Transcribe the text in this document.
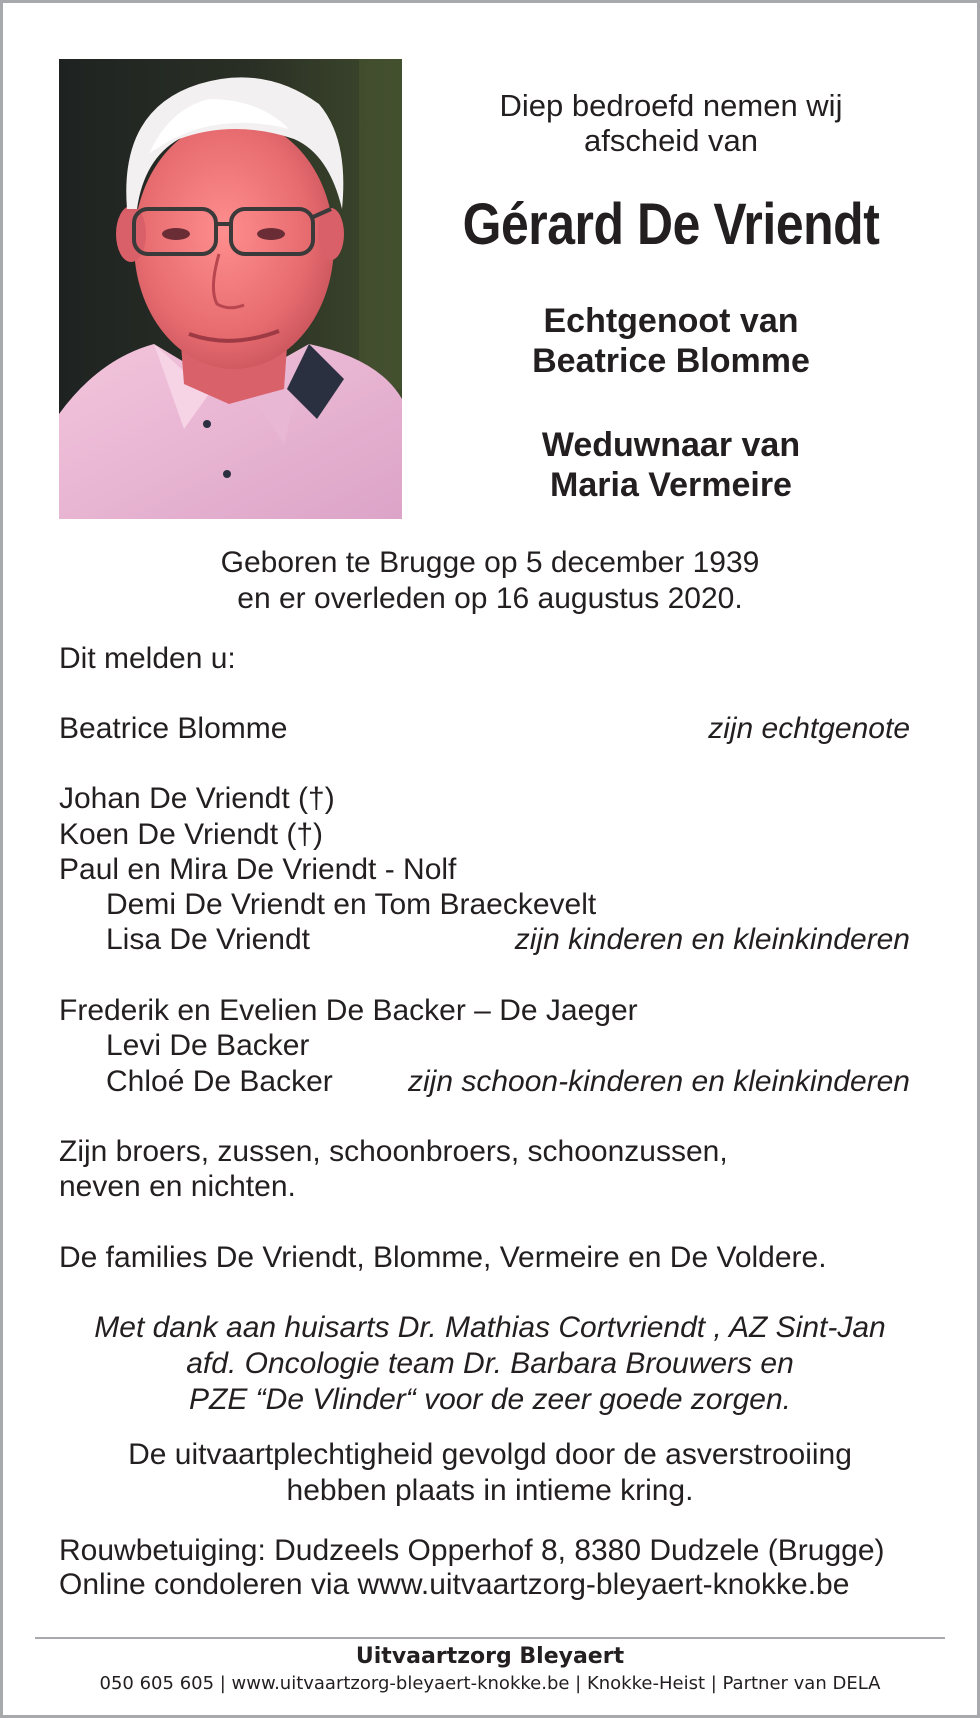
Diep bedroefd nemen wij
afscheid van
Gérard De Vriendt
Echtgenoot van
Beatrice Blomme
Weduwnaar van
Maria Vermeire
Geboren te Brugge op 5 december 1939
en er overleden op 16 augustus 2020.
Dit melden u:
Beatrice Blomme	zijn echtgenote
Johan De Vriendt (†)
Koen De Vriendt (†)
Paul en Mira De Vriendt - Nolf
Demi De Vriendt en Tom Braeckevelt
Lisa De Vriendt	zijn kinderen en kleinkinderen
Frederik en Evelien De Backer – De Jaeger
Levi De Backer
Chloé De Backer	zijn schoon-kinderen en kleinkinderen
Zijn broers, zussen, schoonbroers, schoonzussen,
neven en nichten.
De families De Vriendt, Blomme, Vermeire en De Voldere.
Met dank aan huisarts Dr. Mathias Cortvriendt , AZ Sint-Jan
afd. Oncologie team Dr. Barbara Brouwers en
PZE “De Vlinder“ voor de zeer goede zorgen.
De uitvaartplechtigheid gevolgd door de asverstrooiing
hebben plaats in intieme kring.
Rouwbetuiging: Dudzeels Opperhof 8, 8380 Dudzele (Brugge)
Online condoleren via www.uitvaartzorg-bleyaert-knokke.be
Uitvaartzorg Bleyaert
050 605 605 | www.uitvaartzorg-bleyaert-knokke.be | Knokke-Heist | Partner van DELA
